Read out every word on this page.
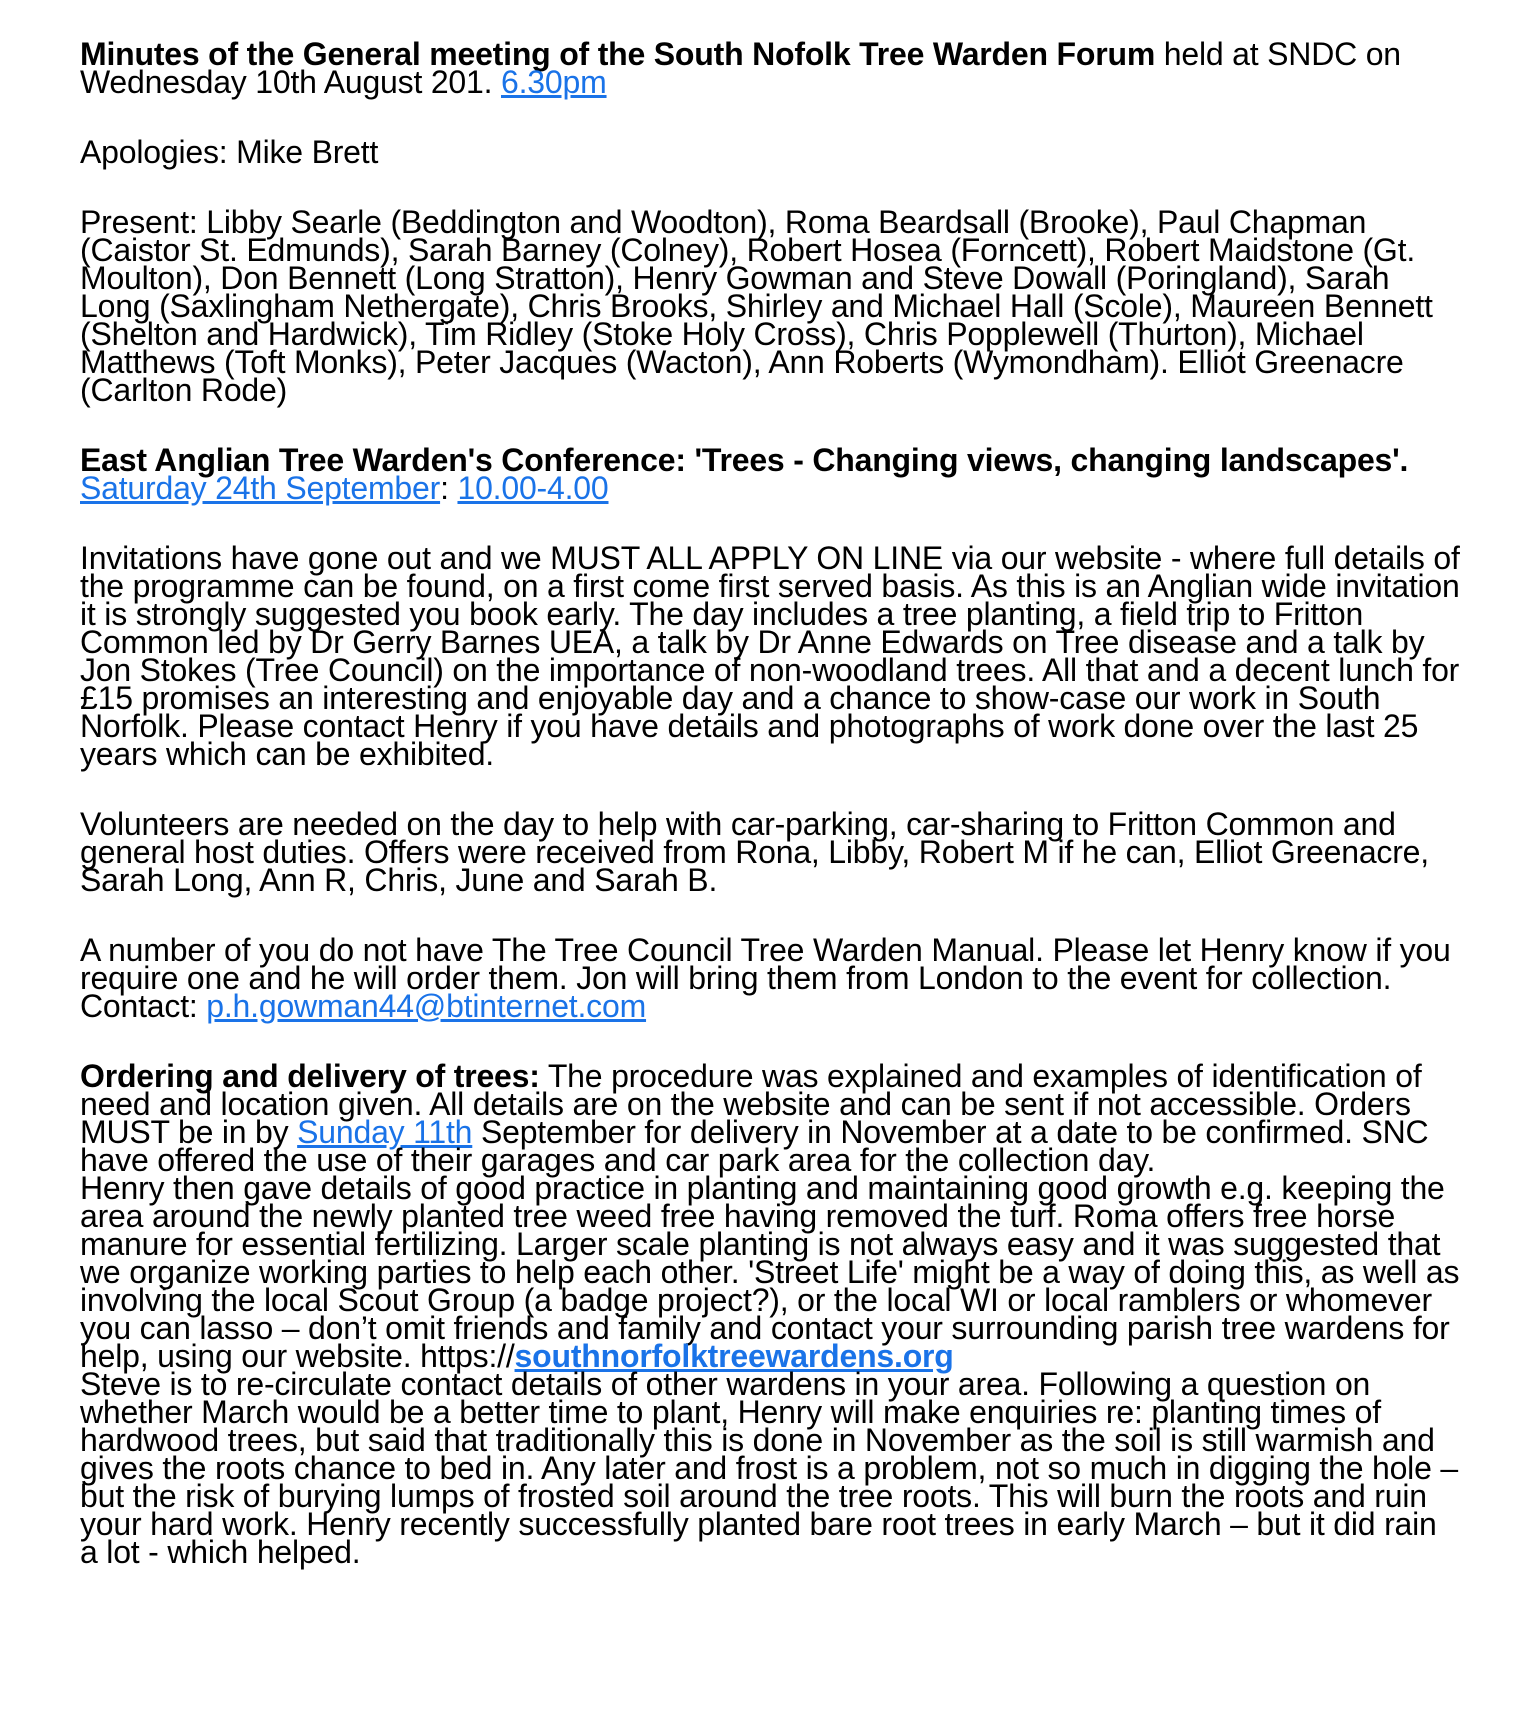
Minutes of the General meeting of the South Nofolk Tree Warden Forum held at SNDC on Wednesday 10th August 201. 6.30pm

Apologies: Mike Brett

Present: Libby Searle (Beddington and Woodton), Roma Beardsall (Brooke), Paul Chapman (Caistor St. Edmunds), Sarah Barney (Colney), Robert Hosea (Forncett), Robert Maidstone (Gt. Moulton), Don Bennett (Long Stratton), Henry Gowman and Steve Dowall (Poringland), Sarah Long (Saxlingham Nethergate), Chris Brooks, Shirley and Michael Hall (Scole), Maureen Bennett (Shelton and Hardwick), Tim Ridley (Stoke Holy Cross), Chris Popplewell (Thurton), Michael Matthews (Toft Monks), Peter Jacques (Wacton), Ann Roberts (Wymondham). Elliot Greenacre (Carlton Rode)

East Anglian Tree Warden's Conference: 'Trees - Changing views, changing landscapes'. Saturday 24th September: 10.00-4.00

Invitations have gone out and we MUST ALL APPLY ON LINE via our website - where full details of the programme can be found, on a first come first served basis. As this is an Anglian wide invitation it is strongly suggested you book early. The day includes a tree planting, a field trip to Fritton Common led by Dr Gerry Barnes UEA, a talk by Dr Anne Edwards on Tree disease and a talk by Jon Stokes (Tree Council) on the importance of non-woodland trees. All that and a decent lunch for £15 promises an interesting and enjoyable day and a chance to show-case our work in South Norfolk. Please contact Henry if you have details and photographs of work done over the last 25 years which can be exhibited.

Volunteers are needed on the day to help with car-parking, car-sharing to Fritton Common and general host duties. Offers were received from Rona, Libby, Robert M if he can, Elliot Greenacre, Sarah Long, Ann R, Chris, June and Sarah B.

A number of you do not have The Tree Council Tree Warden Manual. Please let Henry know if you require one and he will order them. Jon will bring them from London to the event for collection. Contact: p.h.gowman44@btinternet.com

Ordering and delivery of trees: The procedure was explained and examples of identification of need and location given. All details are on the website and can be sent if not accessible. Orders MUST be in by Sunday 11th September for delivery in November at a date to be confirmed. SNC have offered the use of their garages and car park area for the collection day.

Henry then gave details of good practice in planting and maintaining good growth e.g. keeping the area around the newly planted tree weed free having removed the turf. Roma offers free horse manure for essential fertilizing. Larger scale planting is not always easy and it was suggested that we organize working parties to help each other. 'Street Life' might be a way of doing this, as well as involving the local Scout Group (a badge project?), or the local WI or local ramblers or whomever you can lasso – don’t omit friends and family and contact your surrounding parish tree wardens for help, using our website. https://southnorfolktreewardens.org

Steve is to re-circulate contact details of other wardens in your area. Following a question on whether March would be a better time to plant, Henry will make enquiries re: planting times of hardwood trees, but said that traditionally this is done in November as the soil is still warmish and gives the roots chance to bed in. Any later and frost is a problem, not so much in digging the hole – but the risk of burying lumps of frosted soil around the tree roots. This will burn the roots and ruin your hard work. Henry recently successfully planted bare root trees in early March – but it did rain a lot - which helped.
